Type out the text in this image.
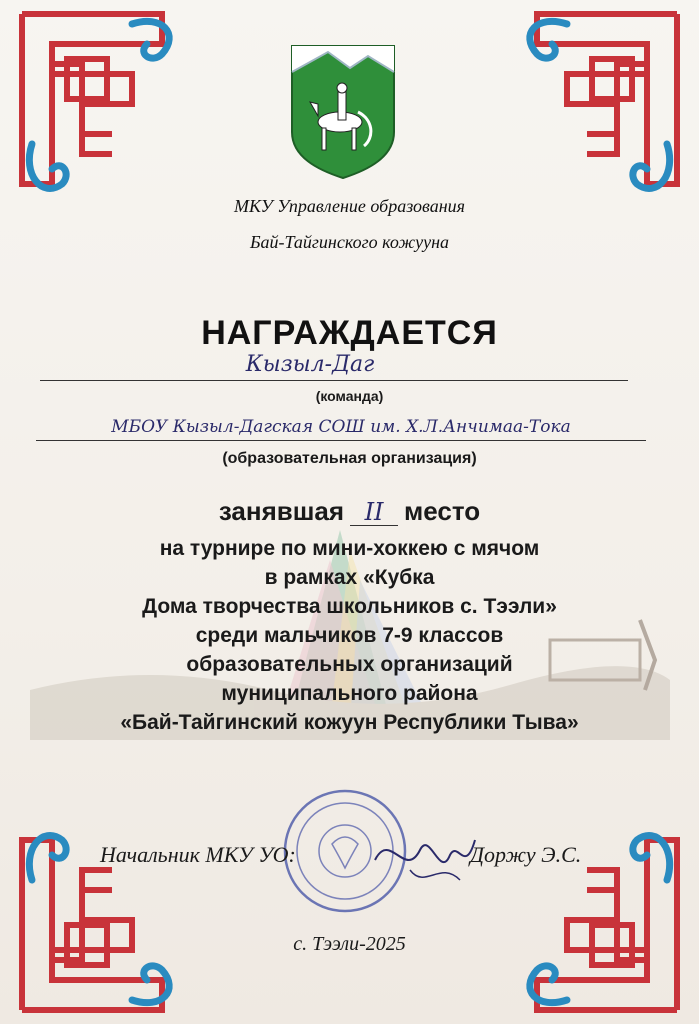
МКУ Управление образования
Бай-Тайгинского кожууна
НАГРАЖДАЕТСЯ
Кызыл-Даг
(команда)
МБОУ Кызыл-Дагская СОШ им. Х.Л.Анчимаа-Тока
(образовательная организация)
занявшая II место
на турнире по мини-хоккею с мячом
в рамках «Кубка
Дома творчества школьников с. Тээли»
среди мальчиков 7-9 классов
образовательных организаций
муниципального района
«Бай-Тайгинский кожуун Республики Тыва»
Начальник МКУ УО:	Доржу Э.С.
с. Тээли-2025
